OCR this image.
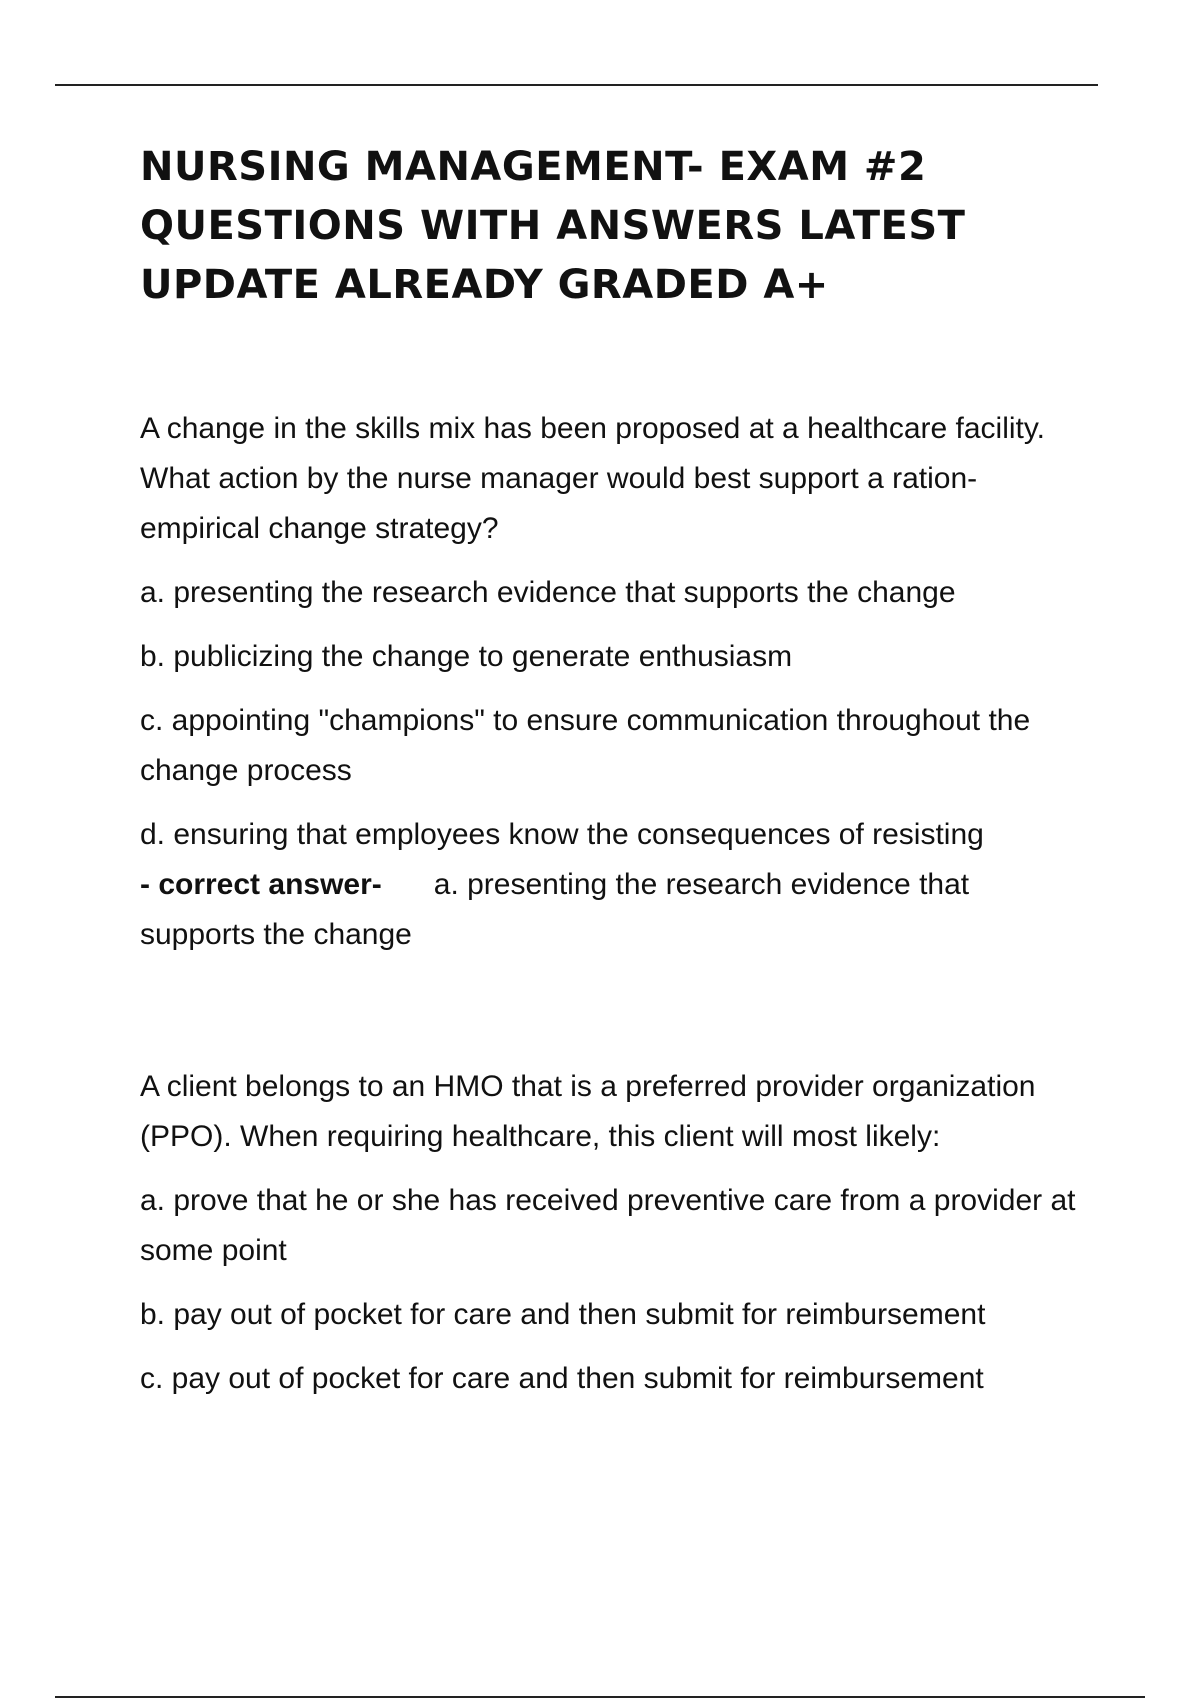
NURSING MANAGEMENT- EXAM #2
QUESTIONS WITH ANSWERS LATEST
UPDATE ALREADY GRADED A+

A change in the skills mix has been proposed at a healthcare facility. What action by the nurse manager would best support a ration-empirical change strategy?

a. presenting the research evidence that supports the change

b. publicizing the change to generate enthusiasm

c. appointing "champions" to ensure communication throughout the change process

d. ensuring that employees know the consequences of resisting
- correct answer- a. presenting the research evidence that supports the change

A client belongs to an HMO that is a preferred provider organization (PPO). When requiring healthcare, this client will most likely:

a. prove that he or she has received preventive care from a provider at some point

b. pay out of pocket for care and then submit for reimbursement

c. pay out of pocket for care and then submit for reimbursement
